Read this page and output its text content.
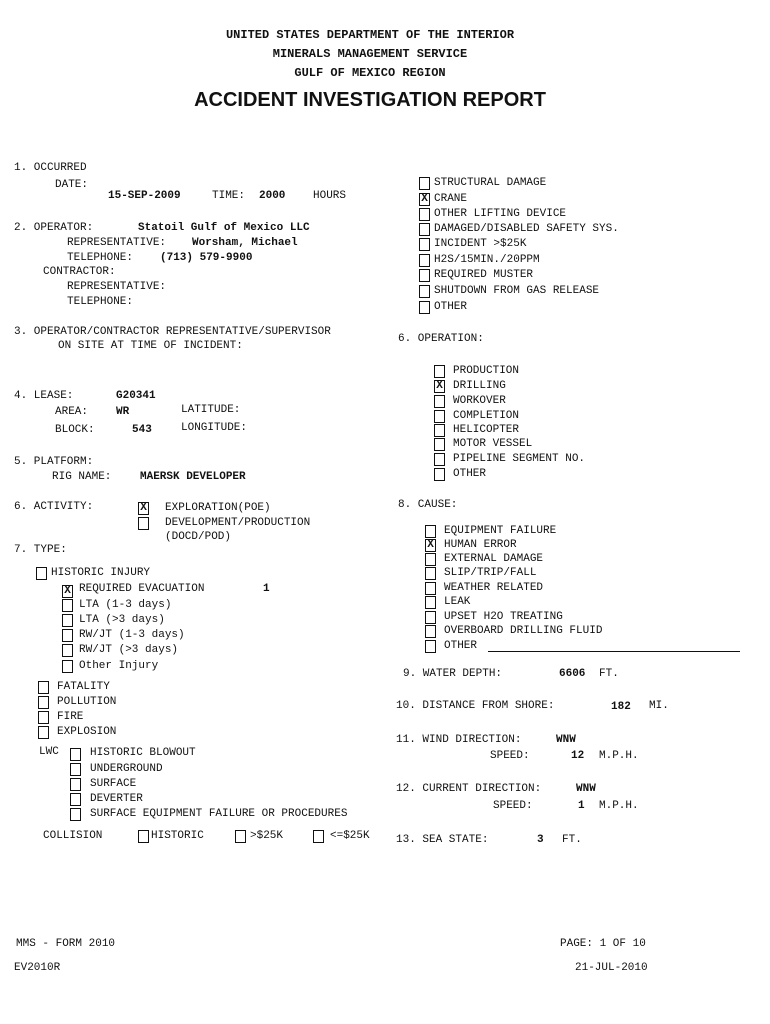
UNITED STATES DEPARTMENT OF THE INTERIOR
MINERALS MANAGEMENT SERVICE
GULF OF MEXICO REGION
ACCIDENT INVESTIGATION REPORT
1. OCCURRED
DATE:
15-SEP-2009	TIME: 2000	HOURS
2. OPERATOR:	Statoil Gulf of Mexico LLC
REPRESENTATIVE: Worsham, Michael
TELEPHONE: (713) 579-9900
CONTRACTOR:
REPRESENTATIVE:
TELEPHONE:
3. OPERATOR/CONTRACTOR REPRESENTATIVE/SUPERVISOR
ON SITE AT TIME OF INCIDENT:
4. LEASE:	G20341
AREA:	WR	LATITUDE:
BLOCK:	543	LONGITUDE:
5. PLATFORM:
RIG NAME:	MAERSK DEVELOPER
6. ACTIVITY:	X EXPLORATION(POE)
DEVELOPMENT/PRODUCTION
(DOCD/POD)
7. TYPE:
HISTORIC INJURY
X REQUIRED EVACUATION	1
LTA (1-3 days)
LTA (>3 days)
RW/JT (1-3 days)
RW/JT (>3 days)
Other Injury
FATALITY
POLLUTION
FIRE
EXPLOSION
LWC	HISTORIC BLOWOUT
UNDERGROUND
SURFACE
DEVERTER
SURFACE EQUIPMENT FAILURE OR PROCEDURES
COLLISION	HISTORIC	>$25K	<=$25K
STRUCTURAL DAMAGE
X CRANE
OTHER LIFTING DEVICE
DAMAGED/DISABLED SAFETY SYS.
INCIDENT >$25K
H2S/15MIN./20PPM
REQUIRED MUSTER
SHUTDOWN FROM GAS RELEASE
OTHER
6. OPERATION:
PRODUCTION
X DRILLING
WORKOVER
COMPLETION
HELICOPTER
MOTOR VESSEL
PIPELINE SEGMENT NO.
OTHER
8. CAUSE:
EQUIPMENT FAILURE
X HUMAN ERROR
EXTERNAL DAMAGE
SLIP/TRIP/FALL
WEATHER RELATED
LEAK
UPSET H2O TREATING
OVERBOARD DRILLING FLUID
OTHER
9. WATER DEPTH:	6606 FT.
10. DISTANCE FROM SHORE:	182 MI.
11. WIND DIRECTION:	WNW
SPEED:	12 M.P.H.
12. CURRENT DIRECTION:	WNW
SPEED:	1 M.P.H.
13. SEA STATE:	3 FT.
MMS - FORM 2010
EV2010R
PAGE: 1 OF 10
21-JUL-2010
